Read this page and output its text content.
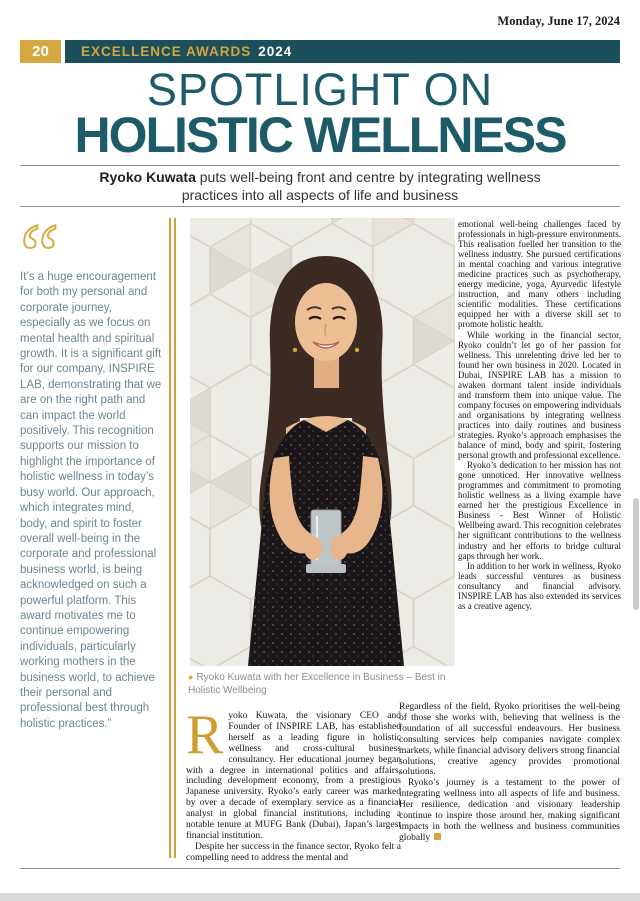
Monday, June 17, 2024
20	EXCELLENCE AWARDS 2024
SPOTLIGHT ON
HOLISTIC WELLNESS

Ryoko Kuwata puts well-being front and centre by integrating wellness practices into all aspects of life and business

It’s a huge encouragement for both my personal and corporate journey, especially as we focus on mental health and spiritual growth. It is a significant gift for our company, INSPIRE LAB, demonstrating that we are on the right path and can impact the world positively. This recognition supports our mission to highlight the importance of holistic wellness in today’s busy world. Our approach, which integrates mind, body, and spirit to foster overall well-being in the corporate and professional business world, is being acknowledged on such a powerful platform. This award motivates me to continue empowering individuals, particularly working mothers in the business world, to achieve their personal and professional best through holistic practices.”

● Ryoko Kuwata with her Excellence in Business – Best in Holistic Wellbeing

Ryoko Kuwata, the visionary CEO and Founder of INSPIRE LAB, has established herself as a leading figure in holistic wellness and cross-cultural business consultancy. Her educational journey began with a degree in international politics and affairs, including development economy, from a prestigious Japanese university. Ryoko’s early career was marked by over a decade of exemplary service as a financial analyst in global financial institutions, including a notable tenure at MUFG Bank (Dubai), Japan’s largest financial institution.

Despite her success in the finance sector, Ryoko felt a compelling need to address the mental and

emotional well-being challenges faced by professionals in high-pressure environments. This realisation fuelled her transition to the wellness industry. She pursued certifications in mental coaching and various integrative medicine practices such as psychotherapy, energy medicine, yoga, Ayurvedic lifestyle instruction, and many others including scientific modalities. These certifications equipped her with a diverse skill set to promote holistic health.

While working in the financial sector, Ryoko couldn’t let go of her passion for wellness. This unrelenting drive led her to found her own business in 2020. Located in Dubai, INSPIRE LAB has a mission to awaken dormant talent inside individuals and transform them into unique value. The company focuses on empowering individuals and organisations by integrating wellness practices into daily routines and business strategies. Ryoko’s approach emphasises the balance of mind, body and spirit, fostering personal growth and professional excellence.

Ryoko’s dedication to her mission has not gone unnoticed. Her innovative wellness programmes and commitment to promoting holistic wellness as a living example have earned her the prestigious Excellence in Business - Best Winner of Holistic Wellbeing award. This recognition celebrates her significant contributions to the wellness industry and her efforts to bridge cultural gaps through her work.

In addition to her work in wellness, Ryoko leads successful ventures as business consultancy and financial advisory. INSPIRE LAB has also extended its services as a creative agency.

Regardless of the field, Ryoko prioritises the well-being of those she works with, believing that wellness is the foundation of all successful endeavours. Her business consulting services help companies navigate complex markets, while financial advisory delivers strong financial solutions, creative agency provides promotional solutions.

Ryoko’s journey is a testament to the power of integrating wellness into all aspects of life and business. Her resilience, dedication and visionary leadership continue to inspire those around her, making significant impacts in both the wellness and business communities globally
